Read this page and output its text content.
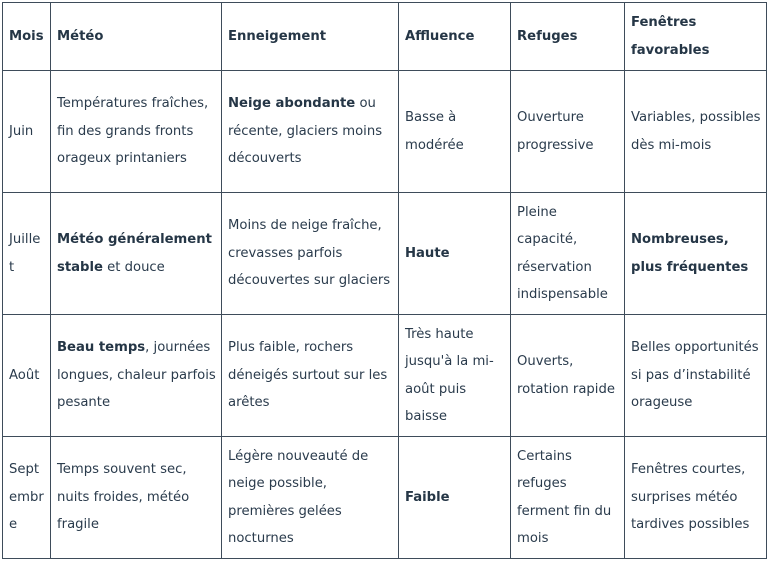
Mois	Météo	Enneigement	Affluence	Refuges	Fenêtres favorables
Juin	Températures fraîches, fin des grands fronts orageux printaniers	Neige abondante ou récente, glaciers moins découverts	Basse à modérée	Ouverture progressive	Variables, possibles dès mi-mois
Juillet	Météo généralement stable et douce	Moins de neige fraîche, crevasses parfois découvertes sur glaciers	Haute	Pleine capacité, réservation indispensable	Nombreuses, plus fréquentes
Août	Beau temps, journées longues, chaleur parfois pesante	Plus faible, rochers déneigés surtout sur les arêtes	Très haute jusqu'à la mi-août puis baisse	Ouverts, rotation rapide	Belles opportunités si pas d’instabilité orageuse
Septembre	Temps souvent sec, nuits froides, météo fragile	Légère nouveauté de neige possible, premières gelées nocturnes	Faible	Certains refuges ferment fin du mois	Fenêtres courtes, surprises météo tardives possibles
